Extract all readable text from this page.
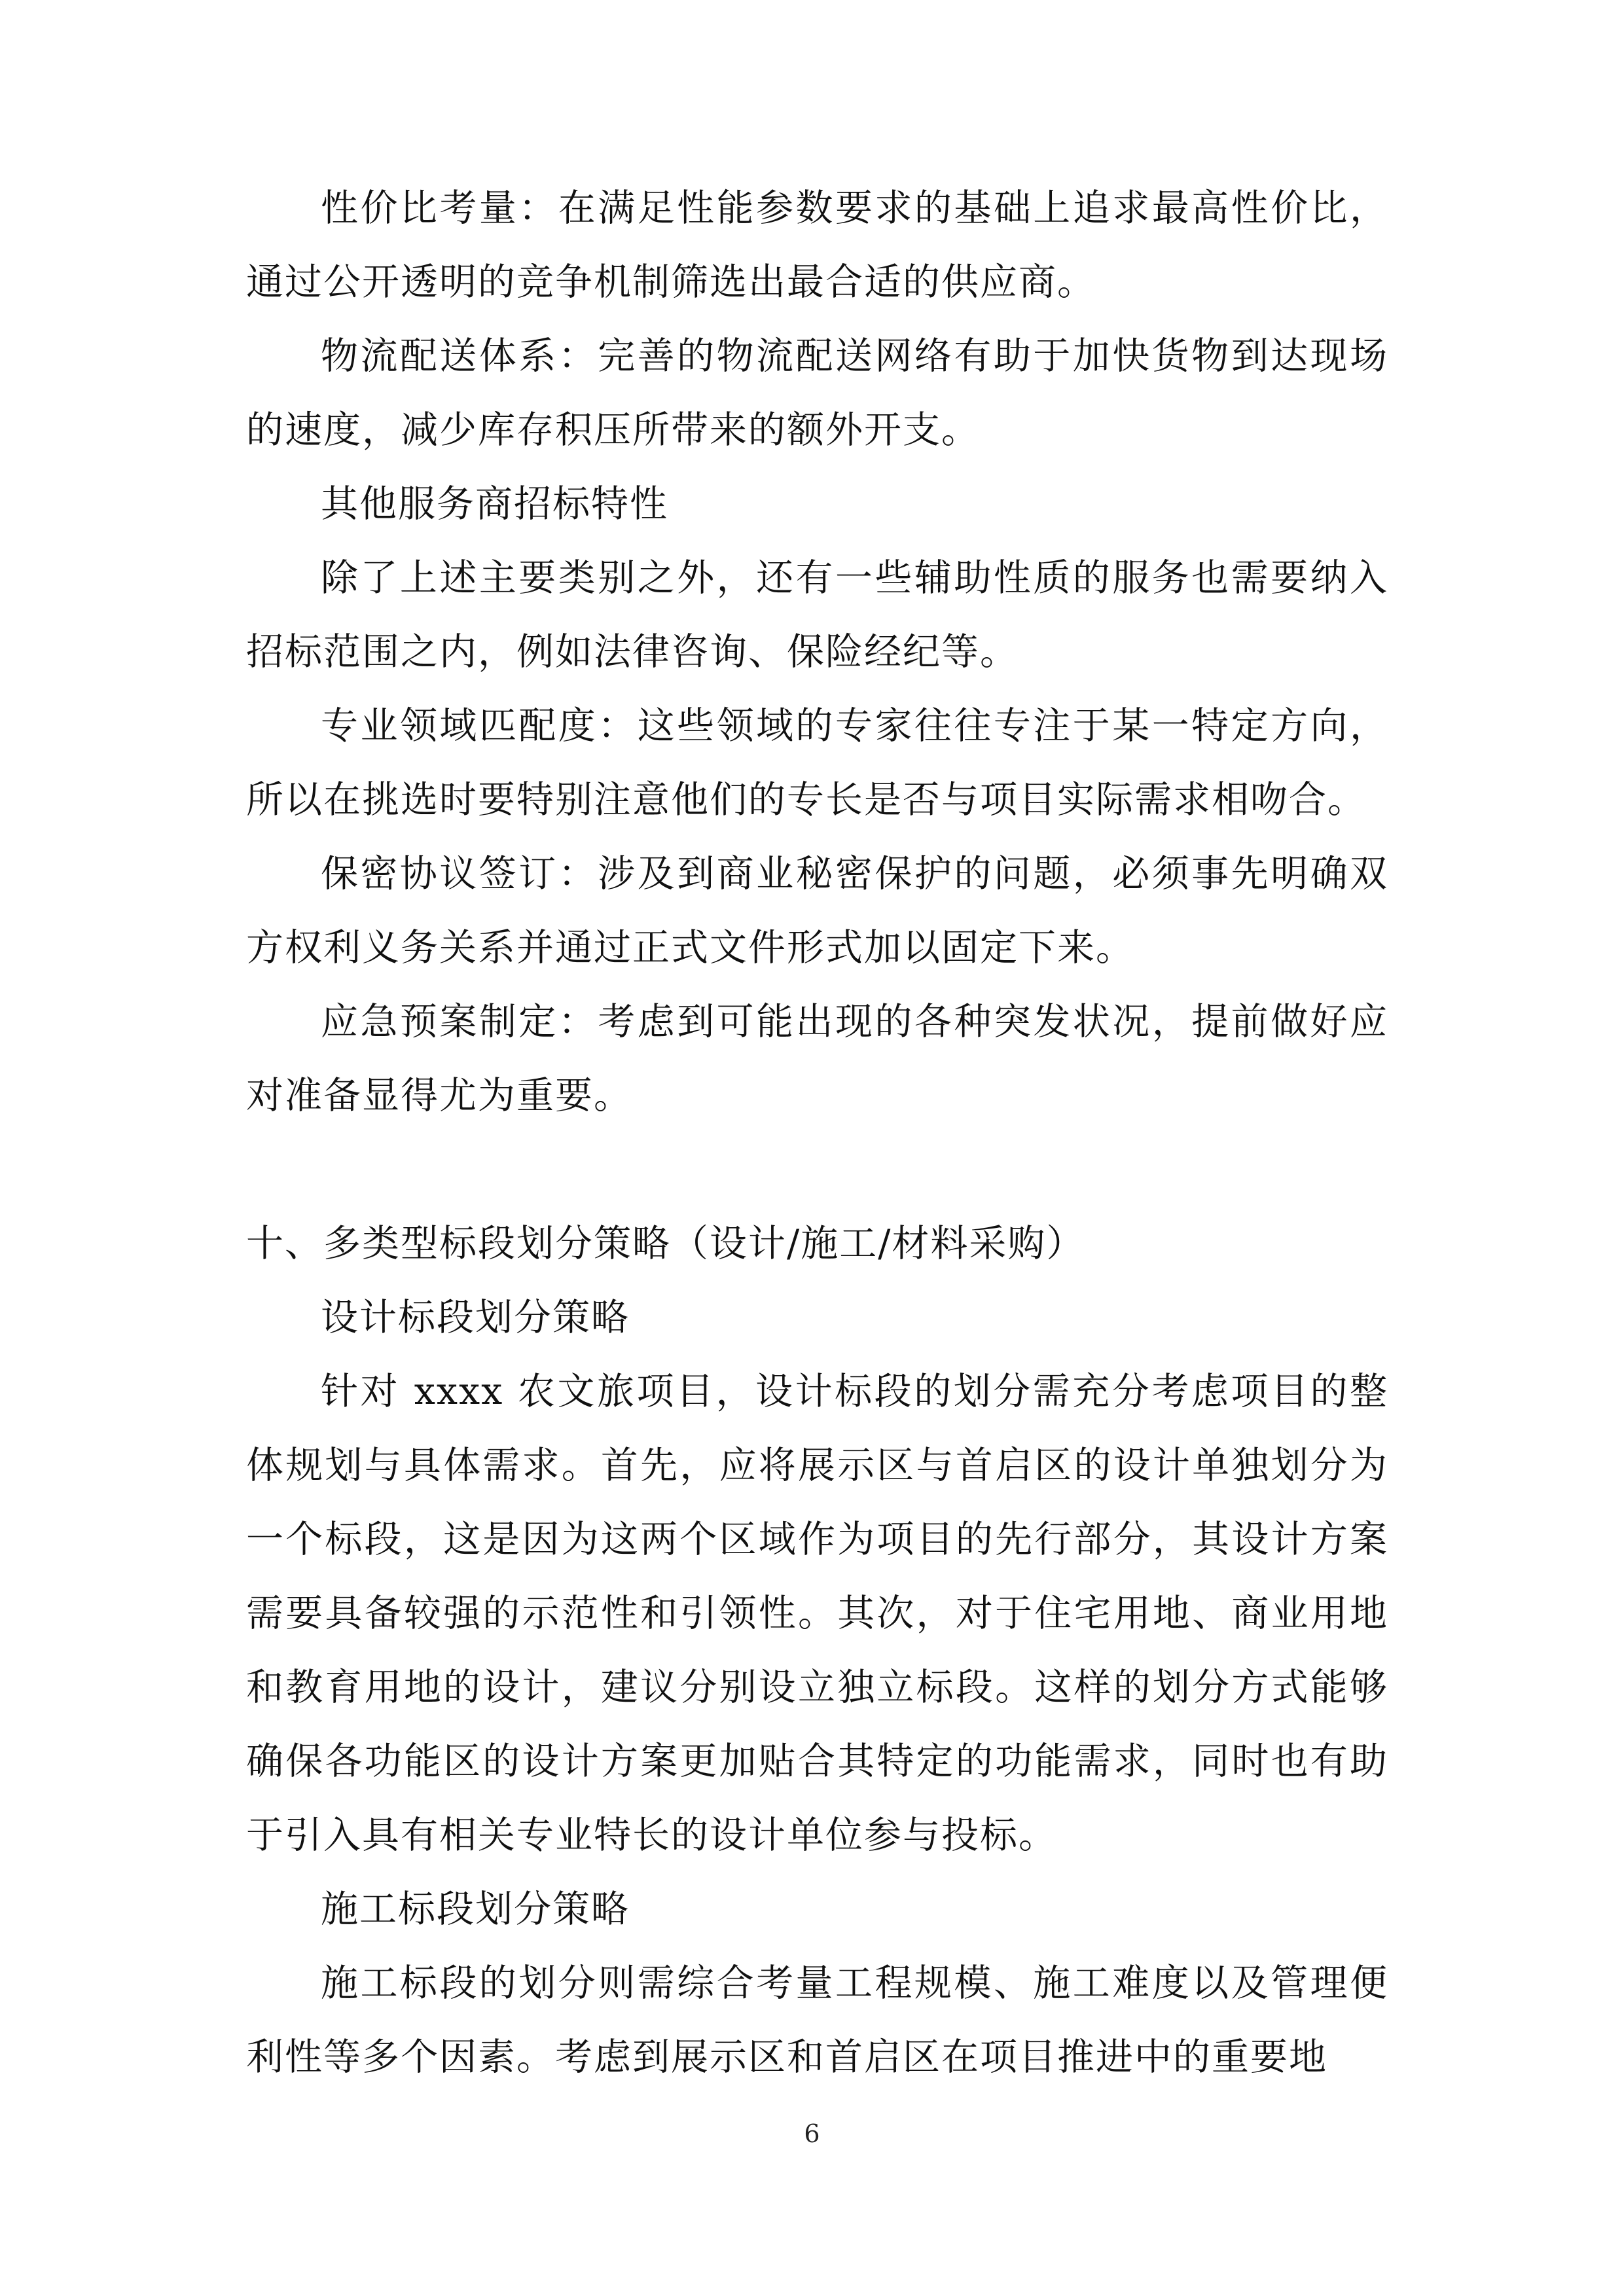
性价比考量：在满足性能参数要求的基础上追求最高性价比，通过公开透明的竞争机制筛选出最合适的供应商。

物流配送体系：完善的物流配送网络有助于加快货物到达现场的速度，减少库存积压所带来的额外开支。

其他服务商招标特性

除了上述主要类别之外，还有一些辅助性质的服务也需要纳入招标范围之内，例如法律咨询、保险经纪等。

专业领域匹配度：这些领域的专家往往专注于某一特定方向，所以在挑选时要特别注意他们的专长是否与项目实际需求相吻合。

保密协议签订：涉及到商业秘密保护的问题，必须事先明确双方权利义务关系并通过正式文件形式加以固定下来。

应急预案制定：考虑到可能出现的各种突发状况，提前做好应对准备显得尤为重要。

十、多类型标段划分策略（设计/施工/材料采购）

设计标段划分策略

针对 xxxx 农文旅项目，设计标段的划分需充分考虑项目的整体规划与具体需求。首先，应将展示区与首启区的设计单独划分为一个标段，这是因为这两个区域作为项目的先行部分，其设计方案需要具备较强的示范性和引领性。其次，对于住宅用地、商业用地和教育用地的设计，建议分别设立独立标段。这样的划分方式能够确保各功能区的设计方案更加贴合其特定的功能需求，同时也有助于引入具有相关专业特长的设计单位参与投标。

施工标段划分策略

施工标段的划分则需综合考量工程规模、施工难度以及管理便利性等多个因素。考虑到展示区和首启区在项目推进中的重要地

6
